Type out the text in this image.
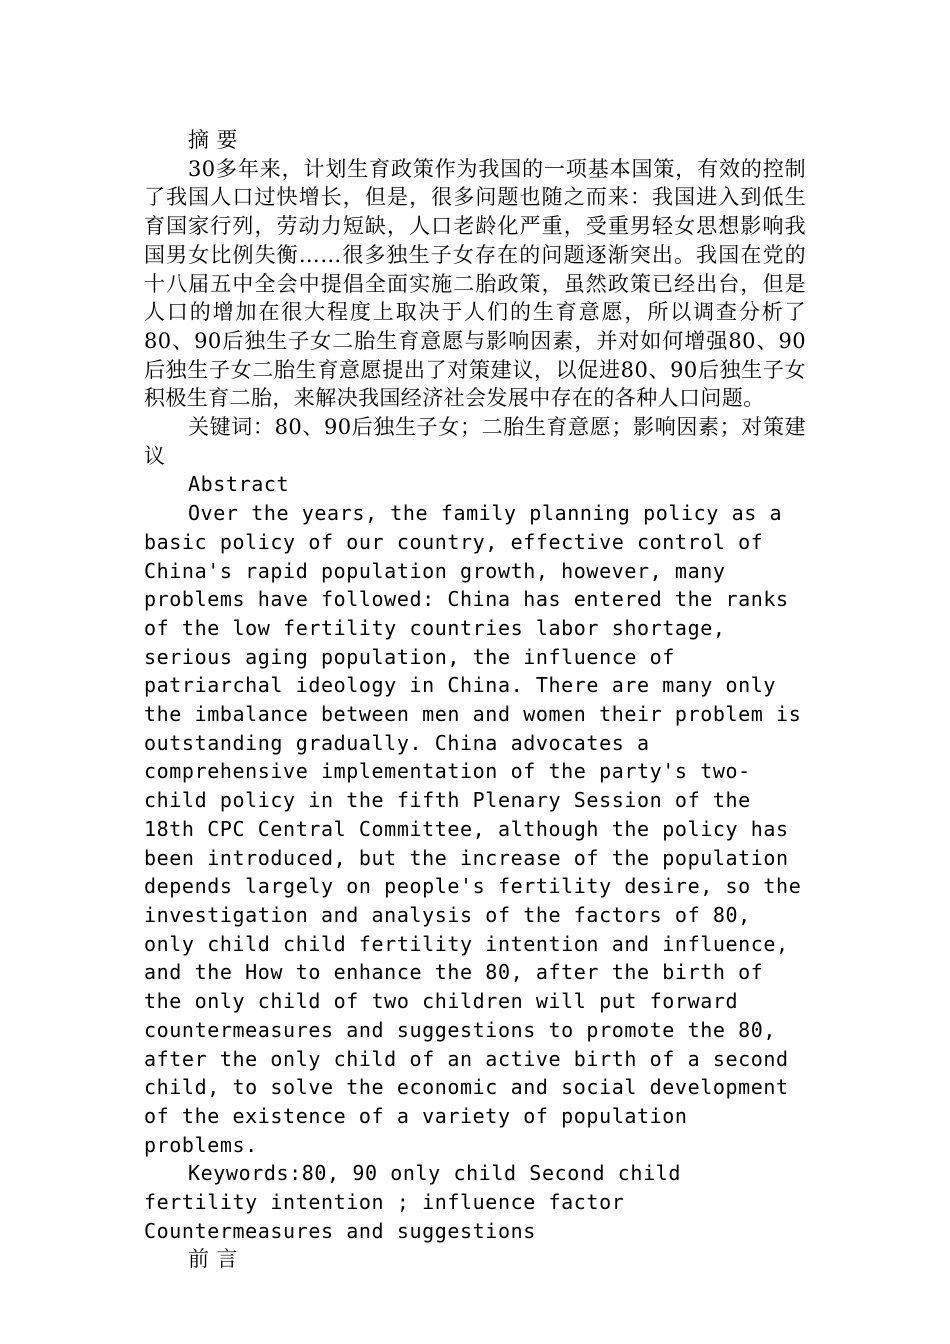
摘 要

30多年来，计划生育政策作为我国的一项基本国策，有效的控制了我国人口过快增长，但是，很多问题也随之而来：我国进入到低生育国家行列，劳动力短缺，人口老龄化严重，受重男轻女思想影响我国男女比例失衡……很多独生子女存在的问题逐渐突出。我国在党的十八届五中全会中提倡全面实施二胎政策，虽然政策已经出台，但是人口的增加在很大程度上取决于人们的生育意愿，所以调查分析了80、90后独生子女二胎生育意愿与影响因素，并对如何增强80、90后独生子女二胎生育意愿提出了对策建议，以促进80、90后独生子女积极生育二胎，来解决我国经济社会发展中存在的各种人口问题。

关键词：80、90后独生子女；二胎生育意愿；影响因素；对策建议

Abstract

Over the years, the family planning policy as a basic policy of our country, effective control of China's rapid population growth, however, many problems have followed: China has entered the ranks of the low fertility countries labor shortage, serious aging population, the influence of patriarchal ideology in China. There are many only the imbalance between men and women their problem is outstanding gradually. China advocates a comprehensive implementation of the party's two-child policy in the fifth Plenary Session of the 18th CPC Central Committee, although the policy has been introduced, but the increase of the population depends largely on people's fertility desire, so the investigation and analysis of the factors of 80, only child child fertility intention and influence, and the How to enhance the 80, after the birth of the only child of two children will put forward countermeasures and suggestions to promote the 80, after the only child of an active birth of a second child, to solve the economic and social development of the existence of a variety of population problems.

Keywords:80, 90 only child Second child fertility intention ; influence factor Countermeasures and suggestions

前 言
